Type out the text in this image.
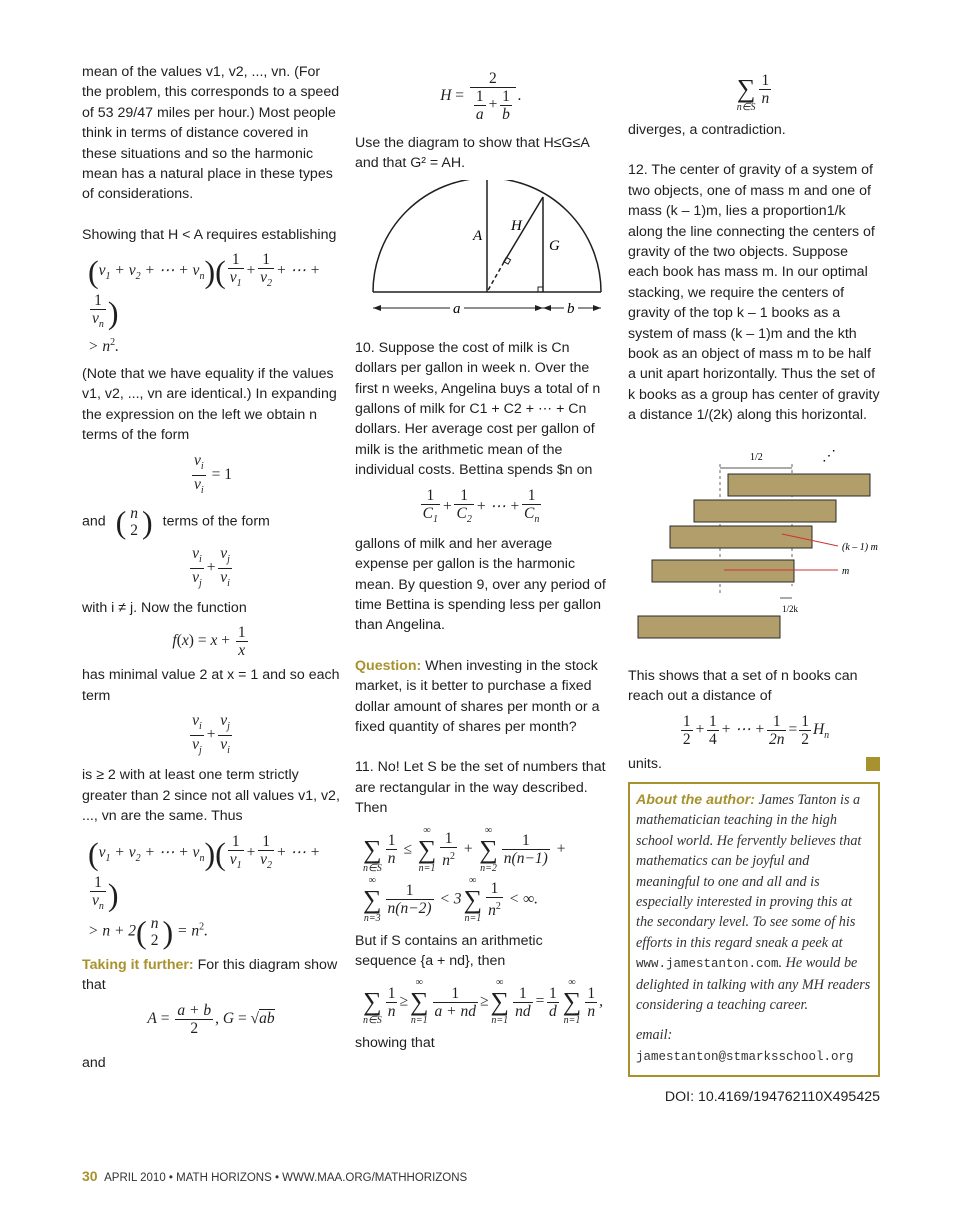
mean of the values v1, v2, ..., vn. (For the problem, this corresponds to a speed of 53 29/47 miles per hour.) Most people think in terms of distance covered in these situations and so the harmonic mean has a natural place in these types of considerations.

Showing that H < A requires establishing

($v_1 + v_2$ + ⋯ + $v_n)( \frac{1}{v_1} + \frac{1}{v_2}$ + ⋯ +
$\frac{1}{v_n}$ )
> $n^2$.

(Note that we have equality if the values v1, v2, ..., vn are identical.) In expanding the expression on the left we obtain n terms of the form

$\frac{v_i}{v_i} = 1$
and ( n
2 ) terms of the form
$\frac{v_i}{v_j} + \frac{v_j}{v_i}$

with i ≠ j. Now the function

$f(x) = x + \frac{1}{x}$

has minimal value 2 at x = 1 and so each term

$\frac{v_i}{v_j} + \frac{v_j}{v_i}$

is ≥ 2 with at least one term strictly greater than 2 since not all values v1, v2, ..., vn are the same. Thus

($v_1 + v_2$ + ⋯ + $v_n)( \frac{1}{v_1} + \frac{1}{v_2}$ + ⋯ +
$\frac{1}{v_n}$ )
> n + 2( n
2 ) = $n^2$.

Taking it further: For this diagram show that

$A = \frac{a + b}{2}$ , G = √ab

and

$H = \frac{2}{\frac{1}{a} + \frac{1}{b}}$ .

Use the diagram to show that H≤G≤A and that G² = AH.

A
H
G
a	b

10. Suppose the cost of milk is Cn dollars per gallon in week n. Over the first n weeks, Angelina buys a total of n gallons of milk for C1 + C2 + ⋯ + Cn dollars. Her average cost per gallon of milk is the arithmetic mean of the individual costs. Bettina spends $n on

$\frac{1}{C_1} + \frac{1}{C_2}$ + ⋯ + $\frac{1}{C_n}$

gallons of milk and her average expense per gallon is the harmonic mean. By question 9, over any period of time Bettina is spending less per gallon than Angelina.

Question: When investing in the stock market, is it better to purchase a fixed dollar amount of shares per month or a fixed quantity of shares per month?

11. No! Let S be the set of numbers that are rectangular in the way described. Then

∑
n∈S
$\frac{1}{n}$ ≤
∞
∑
$n=1 \frac{1}{n^2}$ +
∞
∑
n=2
$\frac{1}{n(n-1)}$ +
∞
∑
n=3
$\frac{1}{n(n-2)} < 3$
∞
∑
$n=1 \frac{1}{n^2}$ < ∞.

But if S contains an arithmetic sequence {a + nd}, then

∑
n∈S
$\frac{1}{n}$ ≥
∞
∑
n=1
$\frac{1}{a + nd}$ ≥
∞
∑
n=1
$\frac{1}{nd} = \frac{1}{d}$
∞
∑
n=1
$\frac{1}{n}$ ,

showing that

∑
n∈S
$\frac{1}{n}$

diverges, a contradiction.

12. The center of gravity of a system of two objects, one of mass m and one of mass (k – 1)m, lies a proportion1/k along the line connecting the centers of gravity of the two objects. Suppose each book has mass m. In our optimal stacking, we require the centers of gravity of the top k – 1 books as a system of mass (k – 1)m and the kth book as an object of mass m to be half a unit apart horizontally. Thus the set of k books as a group has center of gravity a distance 1/(2k) along this horizontal.

1/2	⋰
(k – 1) m
m
1/2k

This shows that a set of n books can reach out a distance of

$\frac{1}{2} + \frac{1}{4}$ + ⋯ + $\frac{1}{2n} = \frac{1}{2} H_n$

units.

About the author: James Tanton is a mathematician teaching in the high school world. He fervently believes that mathematics can be joyful and meaningful to one and all and is especially interested in proving this at the secondary level. To see some of his efforts in this regard sneak a peek at www.jamestanton.com. He would be delighted in talking with any MH readers considering a teaching career.
email: jamestanton@stmarksschool.org

DOI: 10.4169/194762110X495425

30 APRIL 2010 • MATH HORIZONS • WWW.MAA.ORG/MATHHORIZONS
